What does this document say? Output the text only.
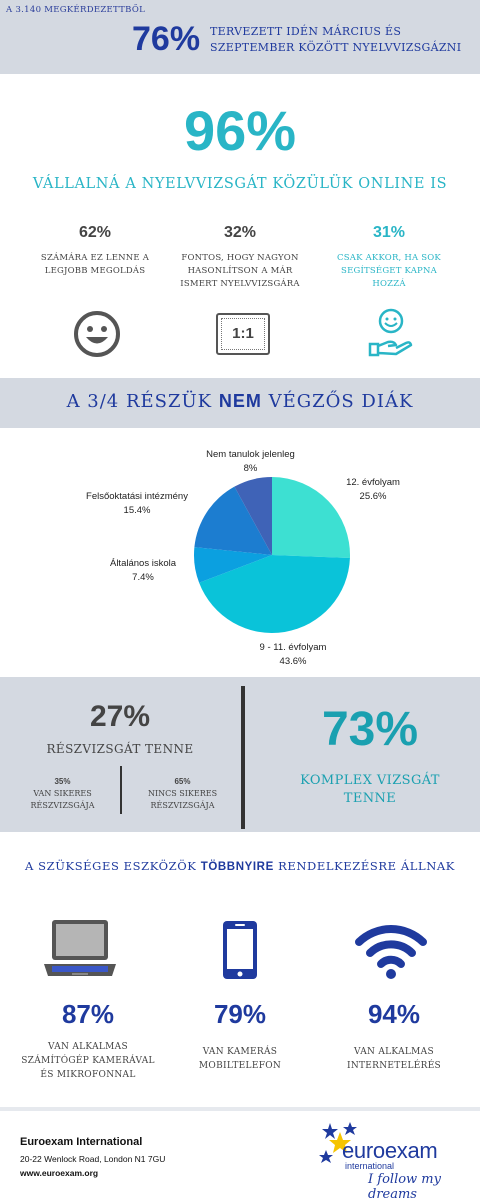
A 3.140 MEGKÉRDEZETTBŐL
76% TERVEZETT IDÉN MÁRCIUS ÉS
SZEPTEMBER KÖZÖTT NYELVVIZSGÁZNI
96%
VÁLLALNÁ A NYELVVIZSGÁT KÖZÜLÜK ONLINE IS
62%
SZÁMÁRA EZ LENNE A
LEGJOBB MEGOLDÁS
32%
FONTOS, HOGY NAGYON
HASONLÍTSON A MÁR
ISMERT NYELVVIZSGÁRA
31%
CSAK AKKOR, HA SOK
SEGÍTSÉGET KAPNA
HOZZÁ
1:1
A 3/4 RÉSZÜK NEM VÉGZŐS DIÁK
Nem tanulok jelenleg
8%
12. évfolyam
25.6%
Felsőoktatási intézmény
15.4%
Általános iskola
7.4%
9 - 11. évfolyam
43.6%
27%
RÉSZVIZSGÁT TENNE
35%
VAN SIKERES
RÉSZVIZSGÁJA
65%
NINCS SIKERES
RÉSZVIZSGÁJA
73%
KOMPLEX VIZSGÁT
TENNE
A SZÜKSÉGES ESZKÖZÖK TÖBBNYIRE RENDELKEZÉSRE ÁLLNAK
87%	79%	94%
VAN ALKALMAS
SZÁMÍTÓGÉP KAMERÁVAL
ÉS MIKROFONNAL
VAN KAMERÁS
MOBILTELEFON
VAN ALKALMAS
INTERNETELÉRÉS
Euroexam International
20-22 Wenlock Road, London N1 7GU
www.euroexam.org
euroexam
international
I follow my dreams
